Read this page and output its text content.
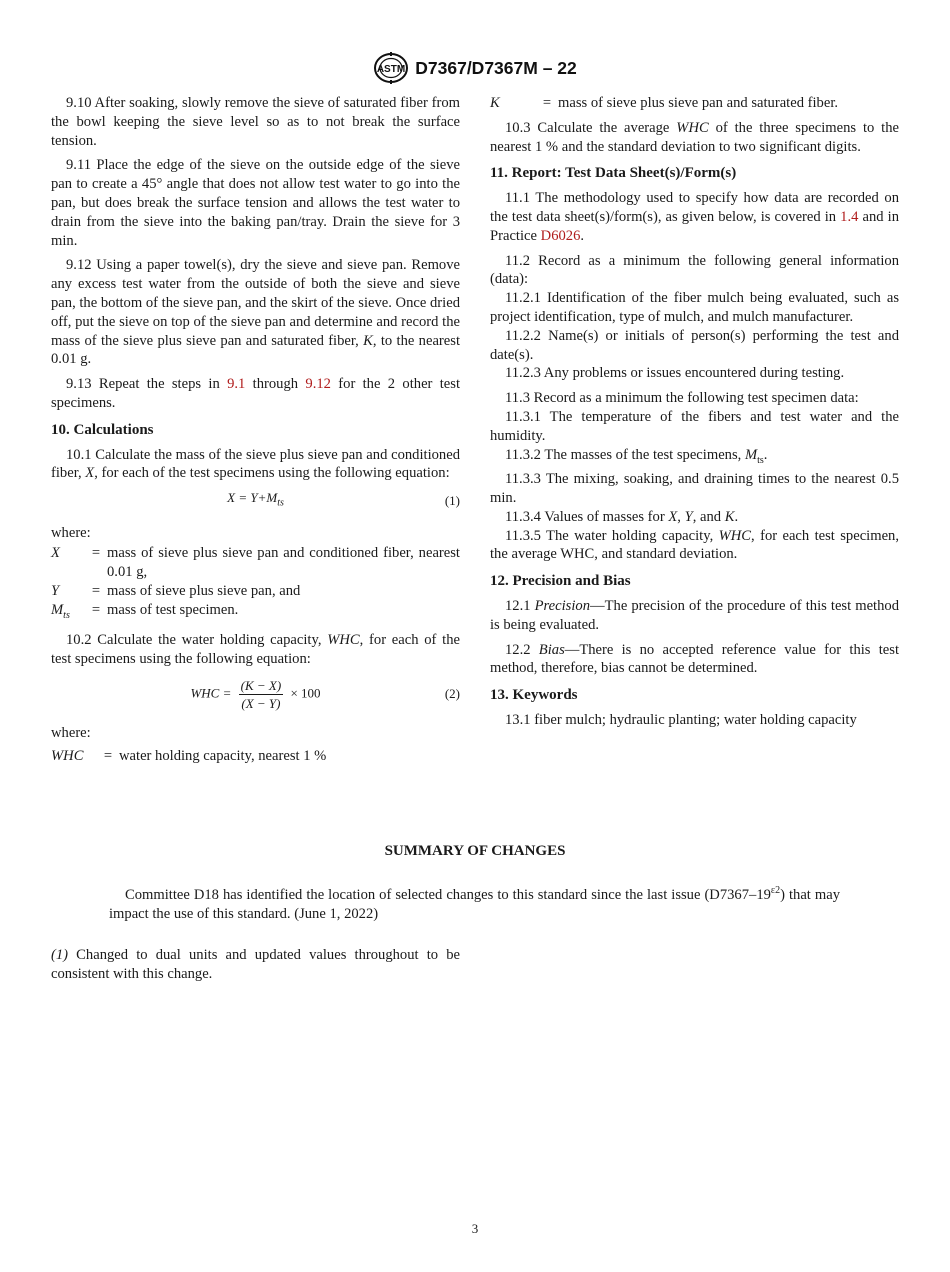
ASTM D7367/D7367M – 22

9.10 After soaking, slowly remove the sieve of saturated fiber from the bowl keeping the sieve level so as to not break the surface tension.

9.11 Place the edge of the sieve on the outside edge of the sieve pan to create a 45° angle that does not allow test water to go into the pan, but does break the surface tension and allows the test water to drain from the sieve into the baking pan/tray. Drain the sieve for 3 min.

9.12 Using a paper towel(s), dry the sieve and sieve pan. Remove any excess test water from the outside of both the sieve and sieve pan, the bottom of the sieve pan, and the skirt of the sieve. Once dried off, put the sieve on top of the sieve pan and determine and record the mass of the sieve plus sieve pan and saturated fiber, K, to the nearest 0.01 g.

9.13 Repeat the steps in 9.1 through 9.12 for the 2 other test specimens.

10. Calculations

10.1 Calculate the mass of the sieve plus sieve pan and conditioned fiber, X, for each of the test specimens using the following equation:

$X = Y+M_{ts}$	(1)

where:

X	= mass of sieve plus sieve pan and conditioned fiber, nearest 0.01 g,
Y	= mass of sieve plus sieve pan, and
$M_{ts}$	= mass of test specimen.

10.2 Calculate the water holding capacity, WHC, for each of the test specimens using the following equation:

WHC = $\frac{(K - X)}{(X - Y)} \times 100$	(2)

where:

WHC	= water holding capacity, nearest 1 %
K	= mass of sieve plus sieve pan and saturated fiber.

10.3 Calculate the average WHC of the three specimens to the nearest 1 % and the standard deviation to two significant digits.

11. Report: Test Data Sheet(s)/Form(s)

11.1 The methodology used to specify how data are recorded on the test data sheet(s)/form(s), as given below, is covered in 1.4 and in Practice D6026.

11.2 Record as a minimum the following general information (data):

11.2.1 Identification of the fiber mulch being evaluated, such as project identification, type of mulch, and mulch manufacturer.

11.2.2 Name(s) or initials of person(s) performing the test and date(s).

11.2.3 Any problems or issues encountered during testing.

11.3 Record as a minimum the following test specimen data:

11.3.1 The temperature of the fibers and test water and the humidity.

11.3.2 The masses of the test specimens, $M_{ts}$.

11.3.3 The mixing, soaking, and draining times to the nearest 0.5 min.

11.3.4 Values of masses for X, Y, and K.

11.3.5 The water holding capacity, WHC, for each test specimen, the average WHC, and standard deviation.

12. Precision and Bias

12.1 Precision—The precision of the procedure of this test method is being evaluated.

12.2 Bias—There is no accepted reference value for this test method, therefore, bias cannot be determined.

13. Keywords

13.1 fiber mulch; hydraulic planting; water holding capacity

SUMMARY OF CHANGES

Committee D18 has identified the location of selected changes to this standard since the last issue $(D7367-19^{\varepsilon 2})$ that may impact the use of this standard. (June 1, 2022)

(1) Changed to dual units and updated values throughout to be consistent with this change.

3
